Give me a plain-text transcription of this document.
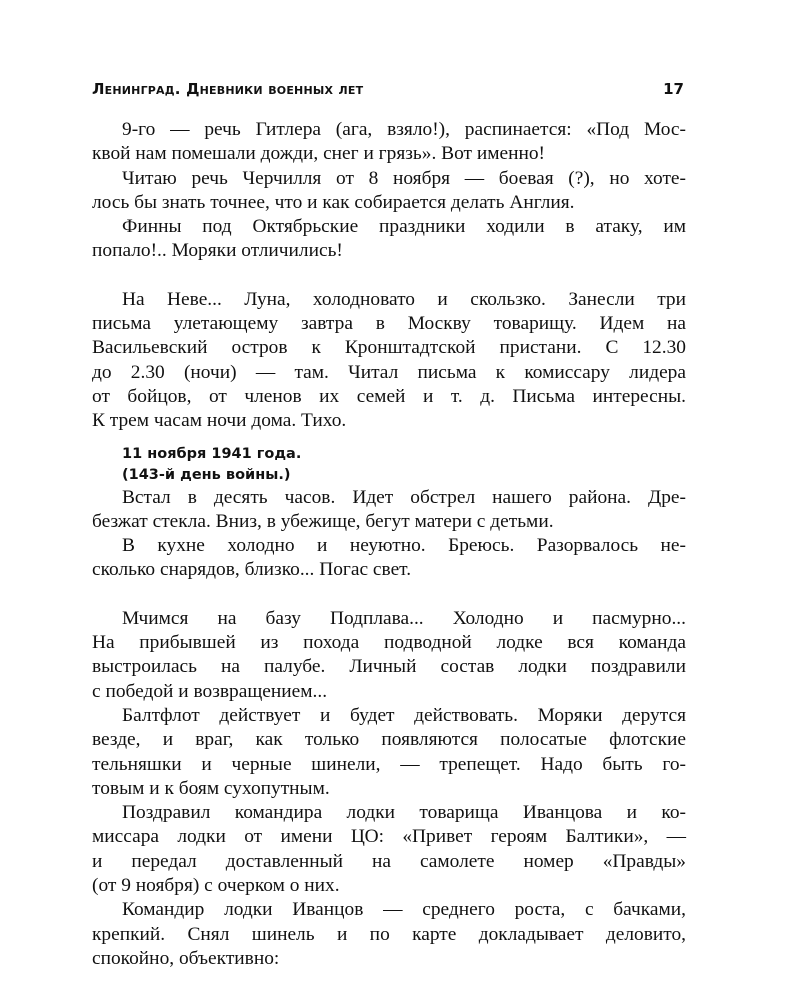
Ленинград. Дневники военных лет	17
9-го — речь Гитлера (ага, взяло!), распинается: «Под Мос-
квой нам помешали дожди, снег и грязь». Вот именно!
Читаю речь Черчилля от 8 ноября — боевая (?), но хоте-
лось бы знать точнее, что и как собирается делать Англия.
Финны под Октябрьские праздники ходили в атаку, им
попало!.. Моряки отличились!
На Неве... Луна, холодновато и скользко. Занесли три
письма улетающему завтра в Москву товарищу. Идем на
Васильевский остров к Кронштадтской пристани. С 12.30
до 2.30 (ночи) — там. Читал письма к комиссару лидера
от бойцов, от членов их семей и т. д. Письма интересны.
К трем часам ночи дома. Тихо.
11 ноября 1941 года.
(143-й день войны.)
Встал в десять часов. Идет обстрел нашего района. Дре-
безжат стекла. Вниз, в убежище, бегут матери с детьми.
В кухне холодно и неуютно. Бреюсь. Разорвалось не-
сколько снарядов, близко... Погас свет.
Мчимся на базу Подплава... Холодно и пасмурно...
На прибывшей из похода подводной лодке вся команда
выстроилась на палубе. Личный состав лодки поздравили
с победой и возвращением...
Балтфлот действует и будет действовать. Моряки дерутся
везде, и враг, как только появляются полосатые флотские
тельняшки и черные шинели, — трепещет. Надо быть го-
товым и к боям сухопутным.
Поздравил командира лодки товарища Иванцова и ко-
миссара лодки от имени ЦО: «Привет героям Балтики», —
и передал доставленный на самолете номер «Правды»
(от 9 ноября) с очерком о них.
Командир лодки Иванцов — среднего роста, с бачками,
крепкий. Снял шинель и по карте докладывает деловито,
спокойно, объективно:
